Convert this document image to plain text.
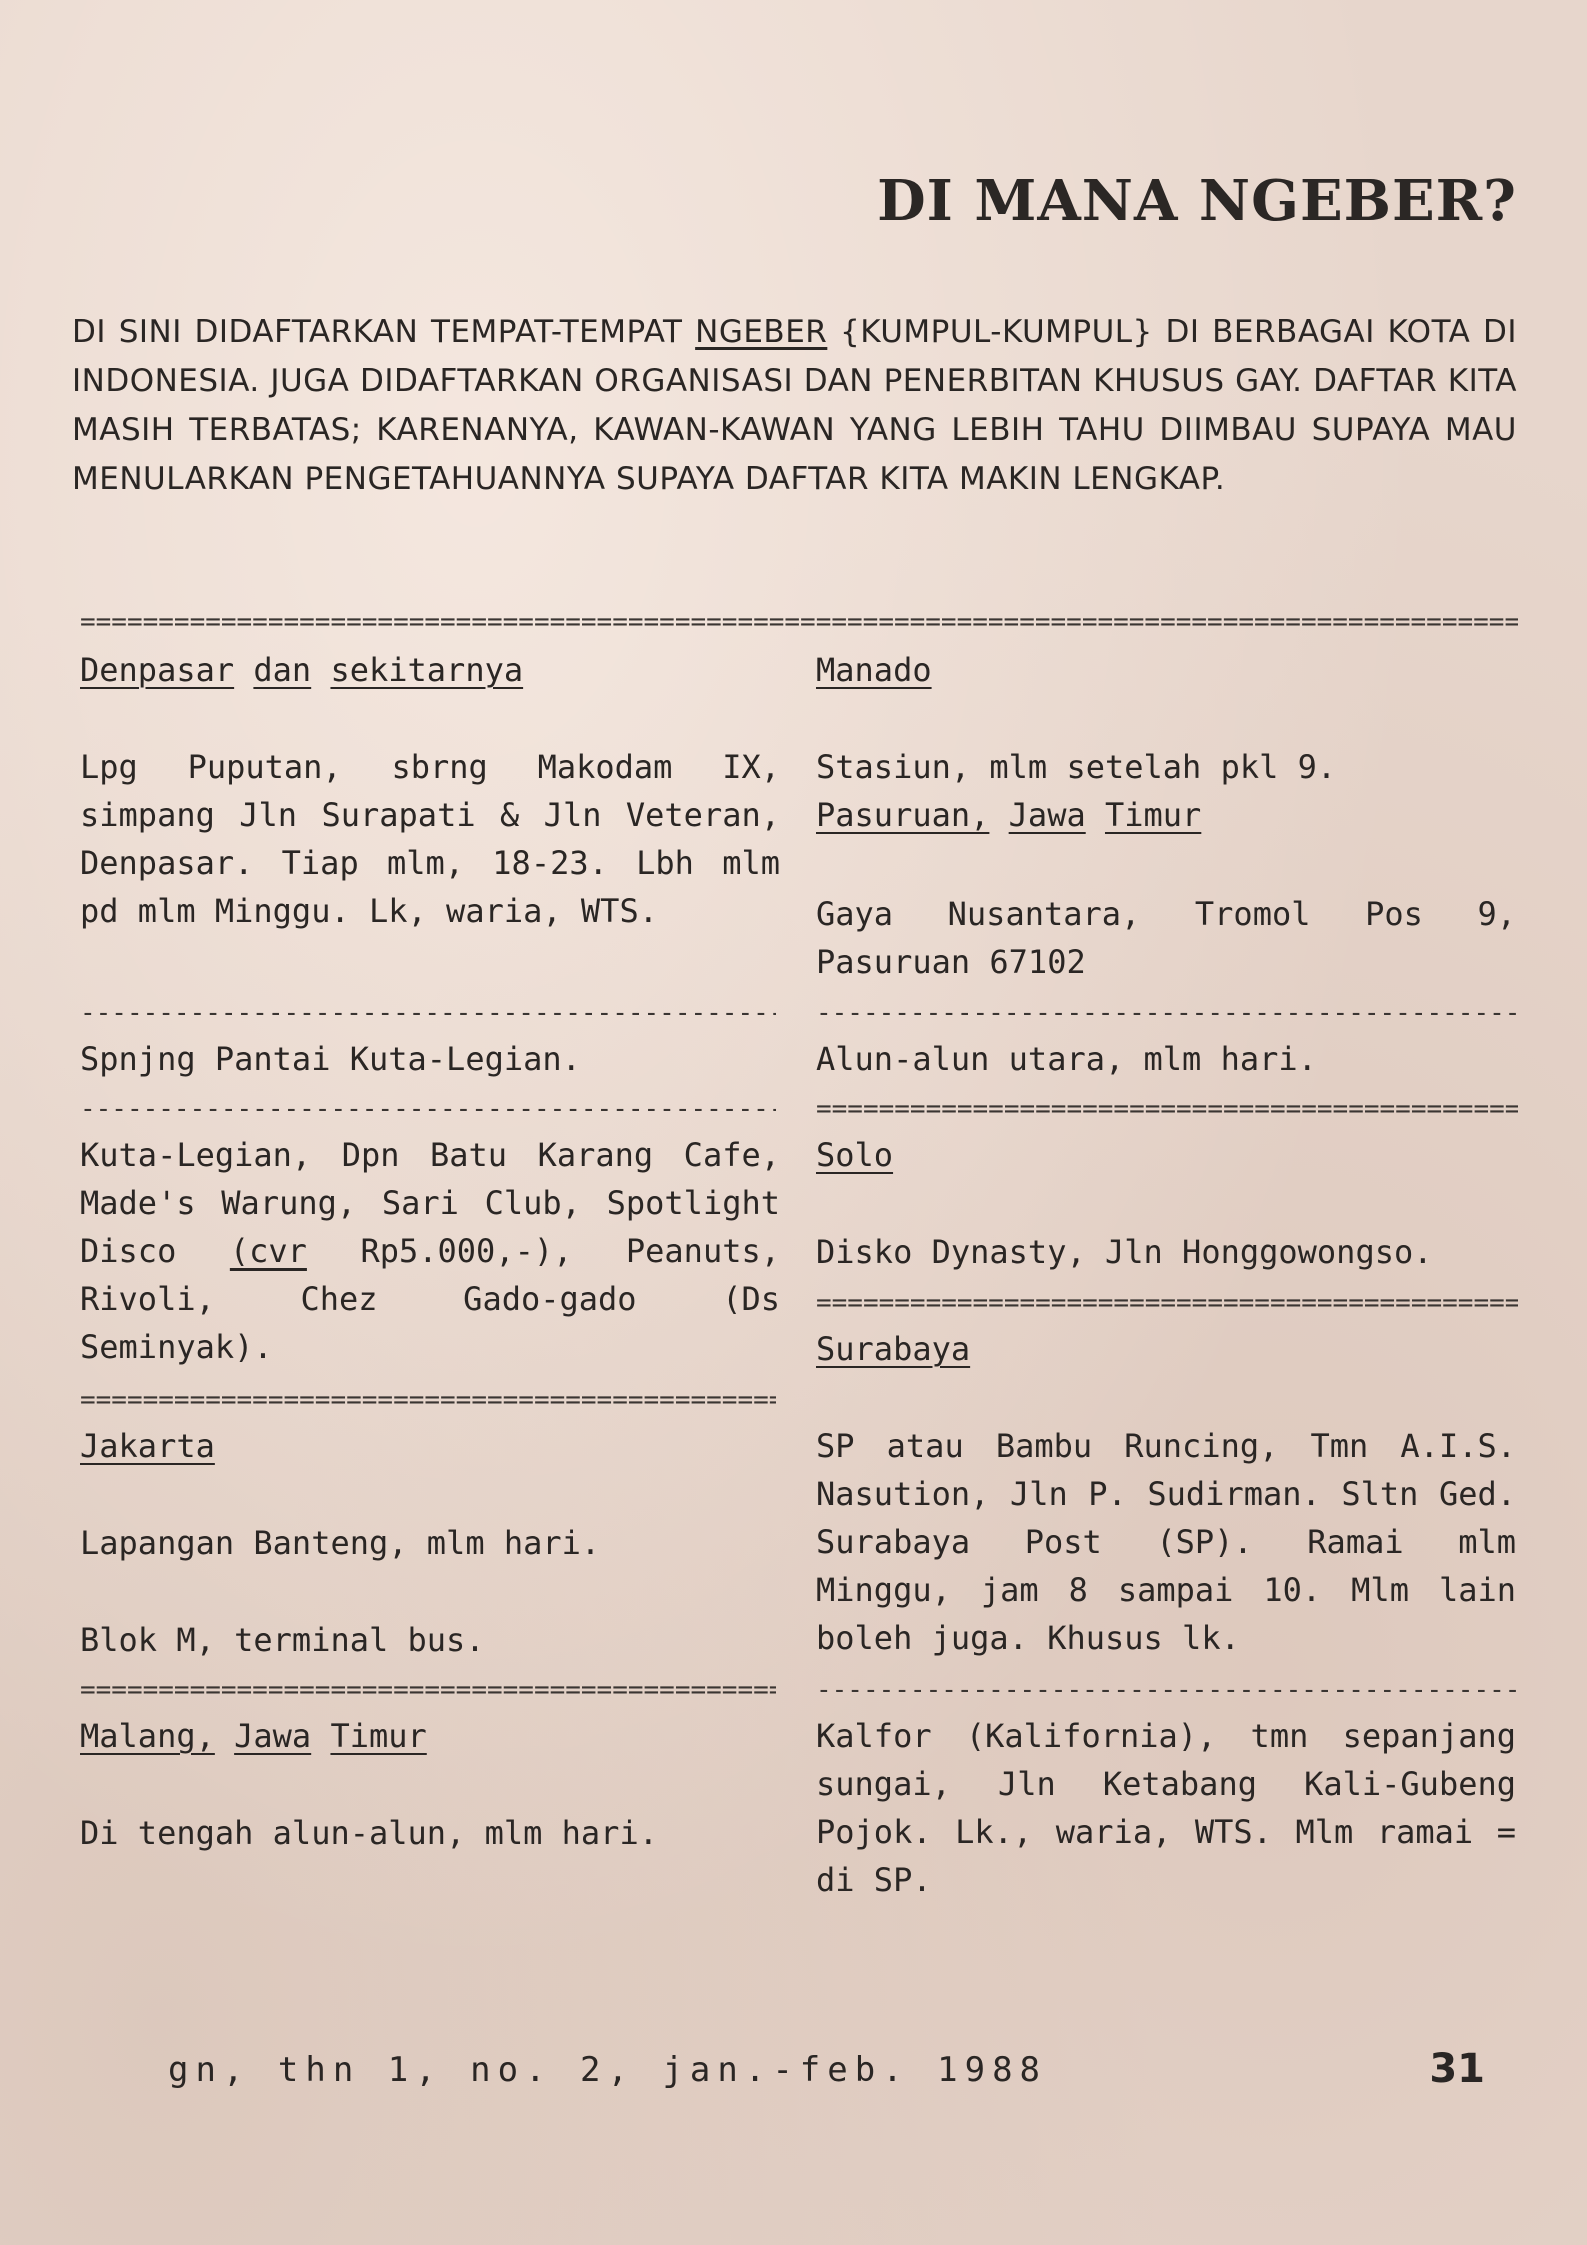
DI MANA NGEBER?

DI SINI DIDAFTARKAN TEMPAT-TEMPAT NGEBER {KUMPUL-KUMPUL} DI BERBAGAI KOTA DI INDONESIA. JUGA DIDAFTARKAN ORGANISASI DAN PENERBITAN KHUSUS GAY. DAFTAR KITA MASIH TERBATAS; KARENANYA, KAWAN-KAWAN YANG LEBIH TAHU DIIMBAU SUPAYA MAU MENULARKAN PENGETAHUANNYA SUPAYA DAFTAR KITA MAKIN LENGKAP.

=====
Denpasar dan sekitarnya

Lpg Puputan, sbrng Makodam IX, simpang Jln Surapati & Jln Veteran, Denpasar. Tiap mlm, 18-23. Lbh mlm pd mlm Minggu. Lk, waria, WTS.

-----

Spnjng Pantai Kuta-Legian.

-----

Kuta-Legian, Dpn Batu Karang Cafe, Made's Warung, Sari Club, Spotlight Disco (cvr Rp5.000,-), Peanuts, Rivoli, Chez Gado-gado (Ds Seminyak).

=====
Jakarta

Lapangan Banteng, mlm hari.

Blok M, terminal bus.

=====
Malang, Jawa Timur

Di tengah alun-alun, mlm hari.

Manado

Stasiun, mlm setelah pkl 9.

Pasuruan, Jawa Timur

Gaya Nusantara, Tromol Pos 9, Pasuruan 67102

-----

Alun-alun utara, mlm hari.

=====
Solo

Disko Dynasty, Jln Honggowongso.

=====
Surabaya

SP atau Bambu Runcing, Tmn A.I.S. Nasution, Jln P. Sudirman. Sltn Ged. Surabaya Post (SP). Ramai mlm Minggu, jam 8 sampai 10. Mlm lain boleh juga. Khusus lk.

-----

Kalfor (Kalifornia), tmn sepanjang sungai, Jln Ketabang Kali-Gubeng Pojok. Lk., waria, WTS. Mlm ramai = di SP.

gn, thn 1, no. 2, jan.-feb. 1988	31
